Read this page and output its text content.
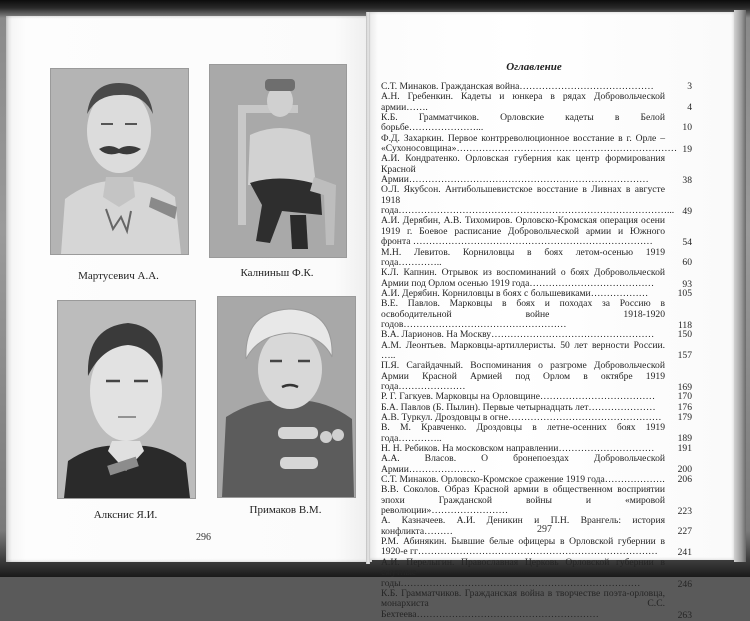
Мартусевич А.А.	Калниньш Ф.К.
Алкснис Я.И.	Примаков В.М.
296
297
Оглавление
С.Т. Минаков. Гражданская война……………………………………	3
А.Н. Гребенкин. Кадеты и юнкера в рядах Добровольческой армии…….	4
К.Б. Грамматчиков. Орловские кадеты в Белой борьбе…………………...	10
Ф.Д. Захаркин. Первое контрреволюционное восстание в г. Орле – «Сухоносовщина»…………………………………………………………… 19
А.И. Кондратенко. Орловская губерния как центр формирования Красной Армии…………………………………………………………………	38
О.Л. Якубсон. Антибольшевистское восстание в Ливнах в августе 1918 года…………………………………………………………………………... 49
А.И. Дерябин, А.В. Тихомиров. Орловско-Кромская операция осени 1919 г. Боевое расписание Добровольческой армии и Южного фронта …………………………………………………………………	54
М.Н. Левитов. Корниловцы в боях летом-осенью 1919 года…………..	60
К.Л. Капнин. Отрывок из воспоминаний о боях Добровольческой Армии под Орлом осенью 1919 года…………………………………	93
А.И. Дерябин. Корниловцы в боях с большевиками………………	105
В.Е. Павлов. Марковцы в боях и походах за Россию в освободительной войне 1918-1920 годов……………………………………………	118
В.А. Ларионов. На Москву……………………………………………	150
А.М. Леонтьев. Марковцы-артиллеристы. 50 лет верности России. …..	157
П.Я. Сагайдачный. Воспоминания о разгроме Добровольческой Армии Красной Армией под Орлом в октябре 1919 года…………………	169
Р. Г. Гагкуев. Марковцы на Орловщине………………………………	170
Б.А. Павлов (Б. Пылин). Первые четырнадцать лет…………………	176
А.В. Туркул. Дроздовцы в огне…………………………………………	179
В. М. Кравченко. Дроздовцы в летне-осенних боях 1919 года…………..	189
Н. Н. Ребиков. На московском направлении…………………………	191
А.А. Власов. О бронепоездах Добровольческой Армии…………………	200
С.Т. Минаков. Орловско-Кромское сражение 1919 года……………….	206
В.В. Соколов. Образ Красной армии в общественном восприятии эпохи Гражданской войны и «мировой революции»……………………	223
А. Казначеев. А.И. Деникин и П.Н. Врангель: история конфликта………	227
Р.М. Абинякин. Бывшие белые офицеры в Орловской губернии в 1920-е гг…………………………………………………………………	241
А.И. Перелыгин. Православная Церковь Орловской губернии в смутные годы…………………………………………………………………	246
К.Б. Грамматчиков. Гражданская война в творчестве поэта-орловца, монархиста С.С. Бехтеева…………………………………………………	263
